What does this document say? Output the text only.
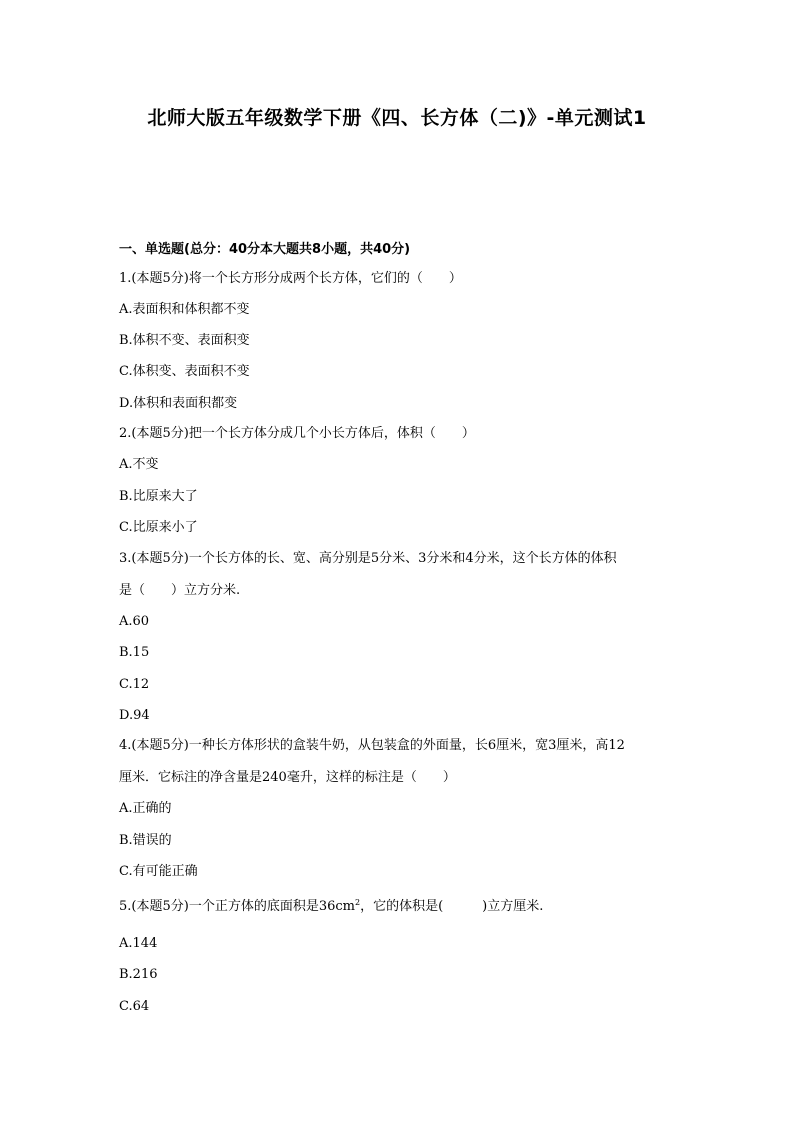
北师大版五年级数学下册《四、长方体（二)》-单元测试1
一、单选题(总分：40分本大题共8小题，共40分)
1.(本题5分)将一个长方形分成两个长方体，它们的（　　）
A.表面积和体积都不变
B.体积不变、表面积变
C.体积变、表面积不变
D.体积和表面积都变
2.(本题5分)把一个长方体分成几个小长方体后，体积（　　）
A.不变
B.比原来大了
C.比原来小了
3.(本题5分)一个长方体的长、宽、高分别是5分米、3分米和4分米，这个长方体的体积
是（　　）立方分米.
A.60
B.15
C.12
D.94
4.(本题5分)一种长方体形状的盒装牛奶，从包装盒的外面量，长6厘米，宽3厘米，高12
厘米．它标注的净含量是240毫升，这样的标注是（　　）
A.正确的
B.错误的
C.有可能正确
5.(本题5分)一个正方体的底面积是$36cm^2$，它的体积是(　　　)立方厘米.
A.144
B.216
C.64
